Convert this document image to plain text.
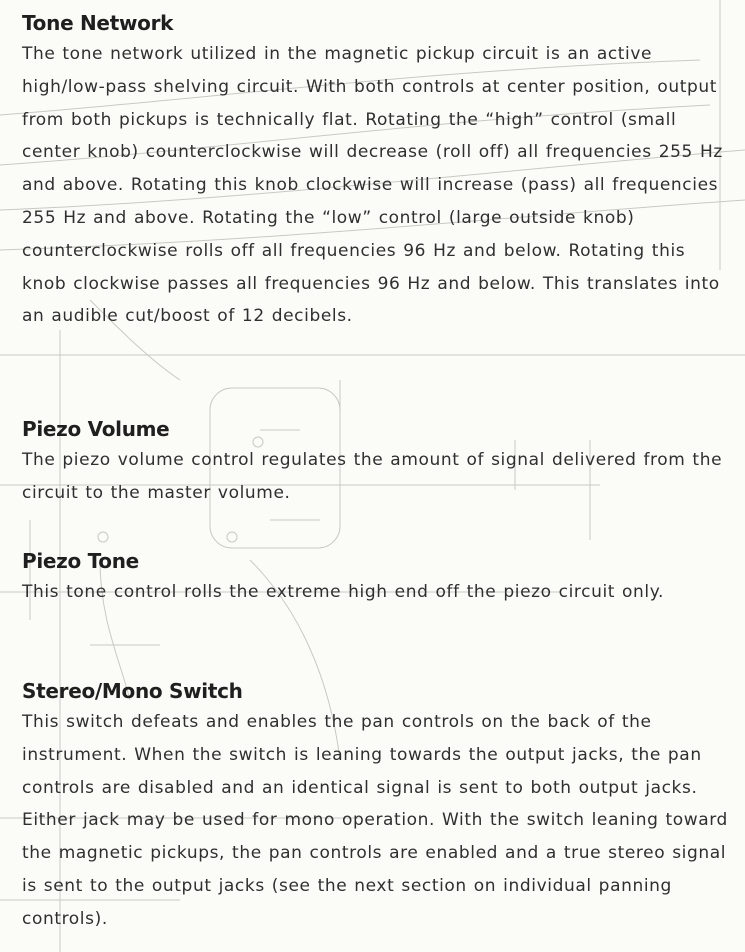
Tone Network

The tone network utilized in the magnetic pickup circuit is an active high/low-pass shelving circuit. With both controls at center position, output from both pickups is technically flat. Rotating the “high” control (small center knob) counterclockwise will decrease (roll off) all frequencies 255 Hz and above. Rotating this knob clockwise will increase (pass) all frequencies 255 Hz and above. Rotating the “low” control (large outside knob) counterclockwise rolls off all frequencies 96 Hz and below. Rotating this knob clockwise passes all frequencies 96 Hz and below. This translates into an audible cut/boost of 12 decibels.

Piezo Volume

The piezo volume control regulates the amount of signal delivered from the circuit to the master volume.

Piezo Tone

This tone control rolls the extreme high end off the piezo circuit only.

Stereo/Mono Switch

This switch defeats and enables the pan controls on the back of the instrument. When the switch is leaning towards the output jacks, the pan controls are disabled and an identical signal is sent to both output jacks. Either jack may be used for mono operation. With the switch leaning toward the magnetic pickups, the pan controls are enabled and a true stereo signal is sent to the output jacks (see the next section on individual panning controls).
